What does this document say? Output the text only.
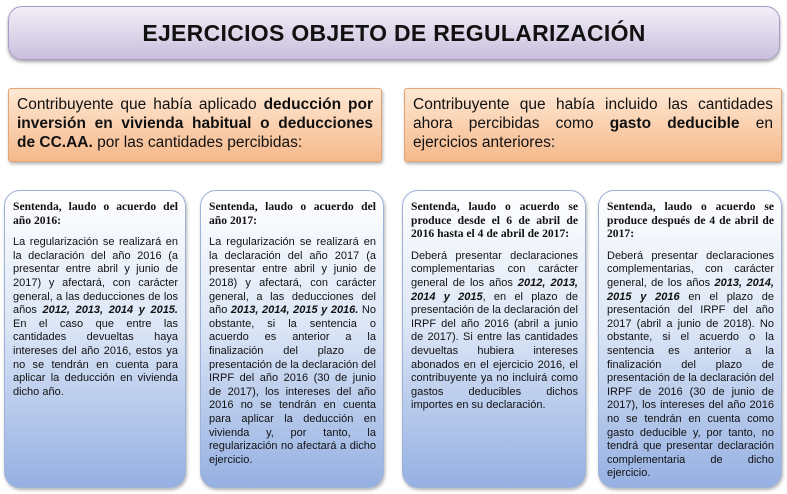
EJERCICIOS OBJETO DE REGULARIZACIÓN
Contribuyente que había aplicado deducción por inversión en vivienda habitual o deducciones de CC.AA. por las cantidades percibidas:
Contribuyente que había incluido las cantidades ahora percibidas como gasto deducible en ejercicios anteriores:
Sentenda, laudo o acuerdo del año 2016:
La regularización se realizará en la declaración del año 2016 (a presentar entre abril y junio de 2017) y afectará, con carácter general, a las deducciones de los años 2012, 2013, 2014 y 2015. En el caso que entre las cantidades devueltas haya intereses del año 2016, estos ya no se tendrán en cuenta para aplicar la deducción en vivienda dicho año.
Sentenda, laudo o acuerdo del año 2017:
La regularización se realizará en la declaración del año 2017 (a presentar entre abril y junio de 2018) y afectará, con carácter general, a las deducciones del año 2013, 2014, 2015 y 2016. No obstante, si la sentencia o acuerdo es anterior a la finalización del plazo de presentación de la declaración del IRPF del año 2016 (30 de junio de 2017), los intereses del año 2016 no se tendrán en cuenta para aplicar la deducción en vivienda y, por tanto, la regularización no afectará a dicho ejercicio.
Sentenda, laudo o acuerdo se produce desde el 6 de abril de 2016 hasta el 4 de abril de 2017:
Deberá presentar declaraciones complementarias con carácter general de los años 2012, 2013, 2014 y 2015, en el plazo de presentación de la declaración del IRPF del año 2016 (abril a junio de 2017). Si entre las cantidades devueltas hubiera intereses abonados en el ejercicio 2016, el contribuyente ya no incluirá como gastos deducibles dichos importes en su declaración.
Sentenda, laudo o acuerdo se produce después de 4 de abril de 2017:
Deberá presentar declaraciones complementarias, con carácter general, de los años 2013, 2014, 2015 y 2016 en el plazo de presentación del IRPF del año 2017 (abril a junio de 2018). No obstante, si el acuerdo o la sentencia es anterior a la finalización del plazo de presentación de la declaración del IRPF de 2016 (30 de junio de 2017), los intereses del año 2016 no se tendrán en cuenta como gasto deducible y, por tanto, no tendrá que presentar declaración complementaria de dicho ejercicio.
